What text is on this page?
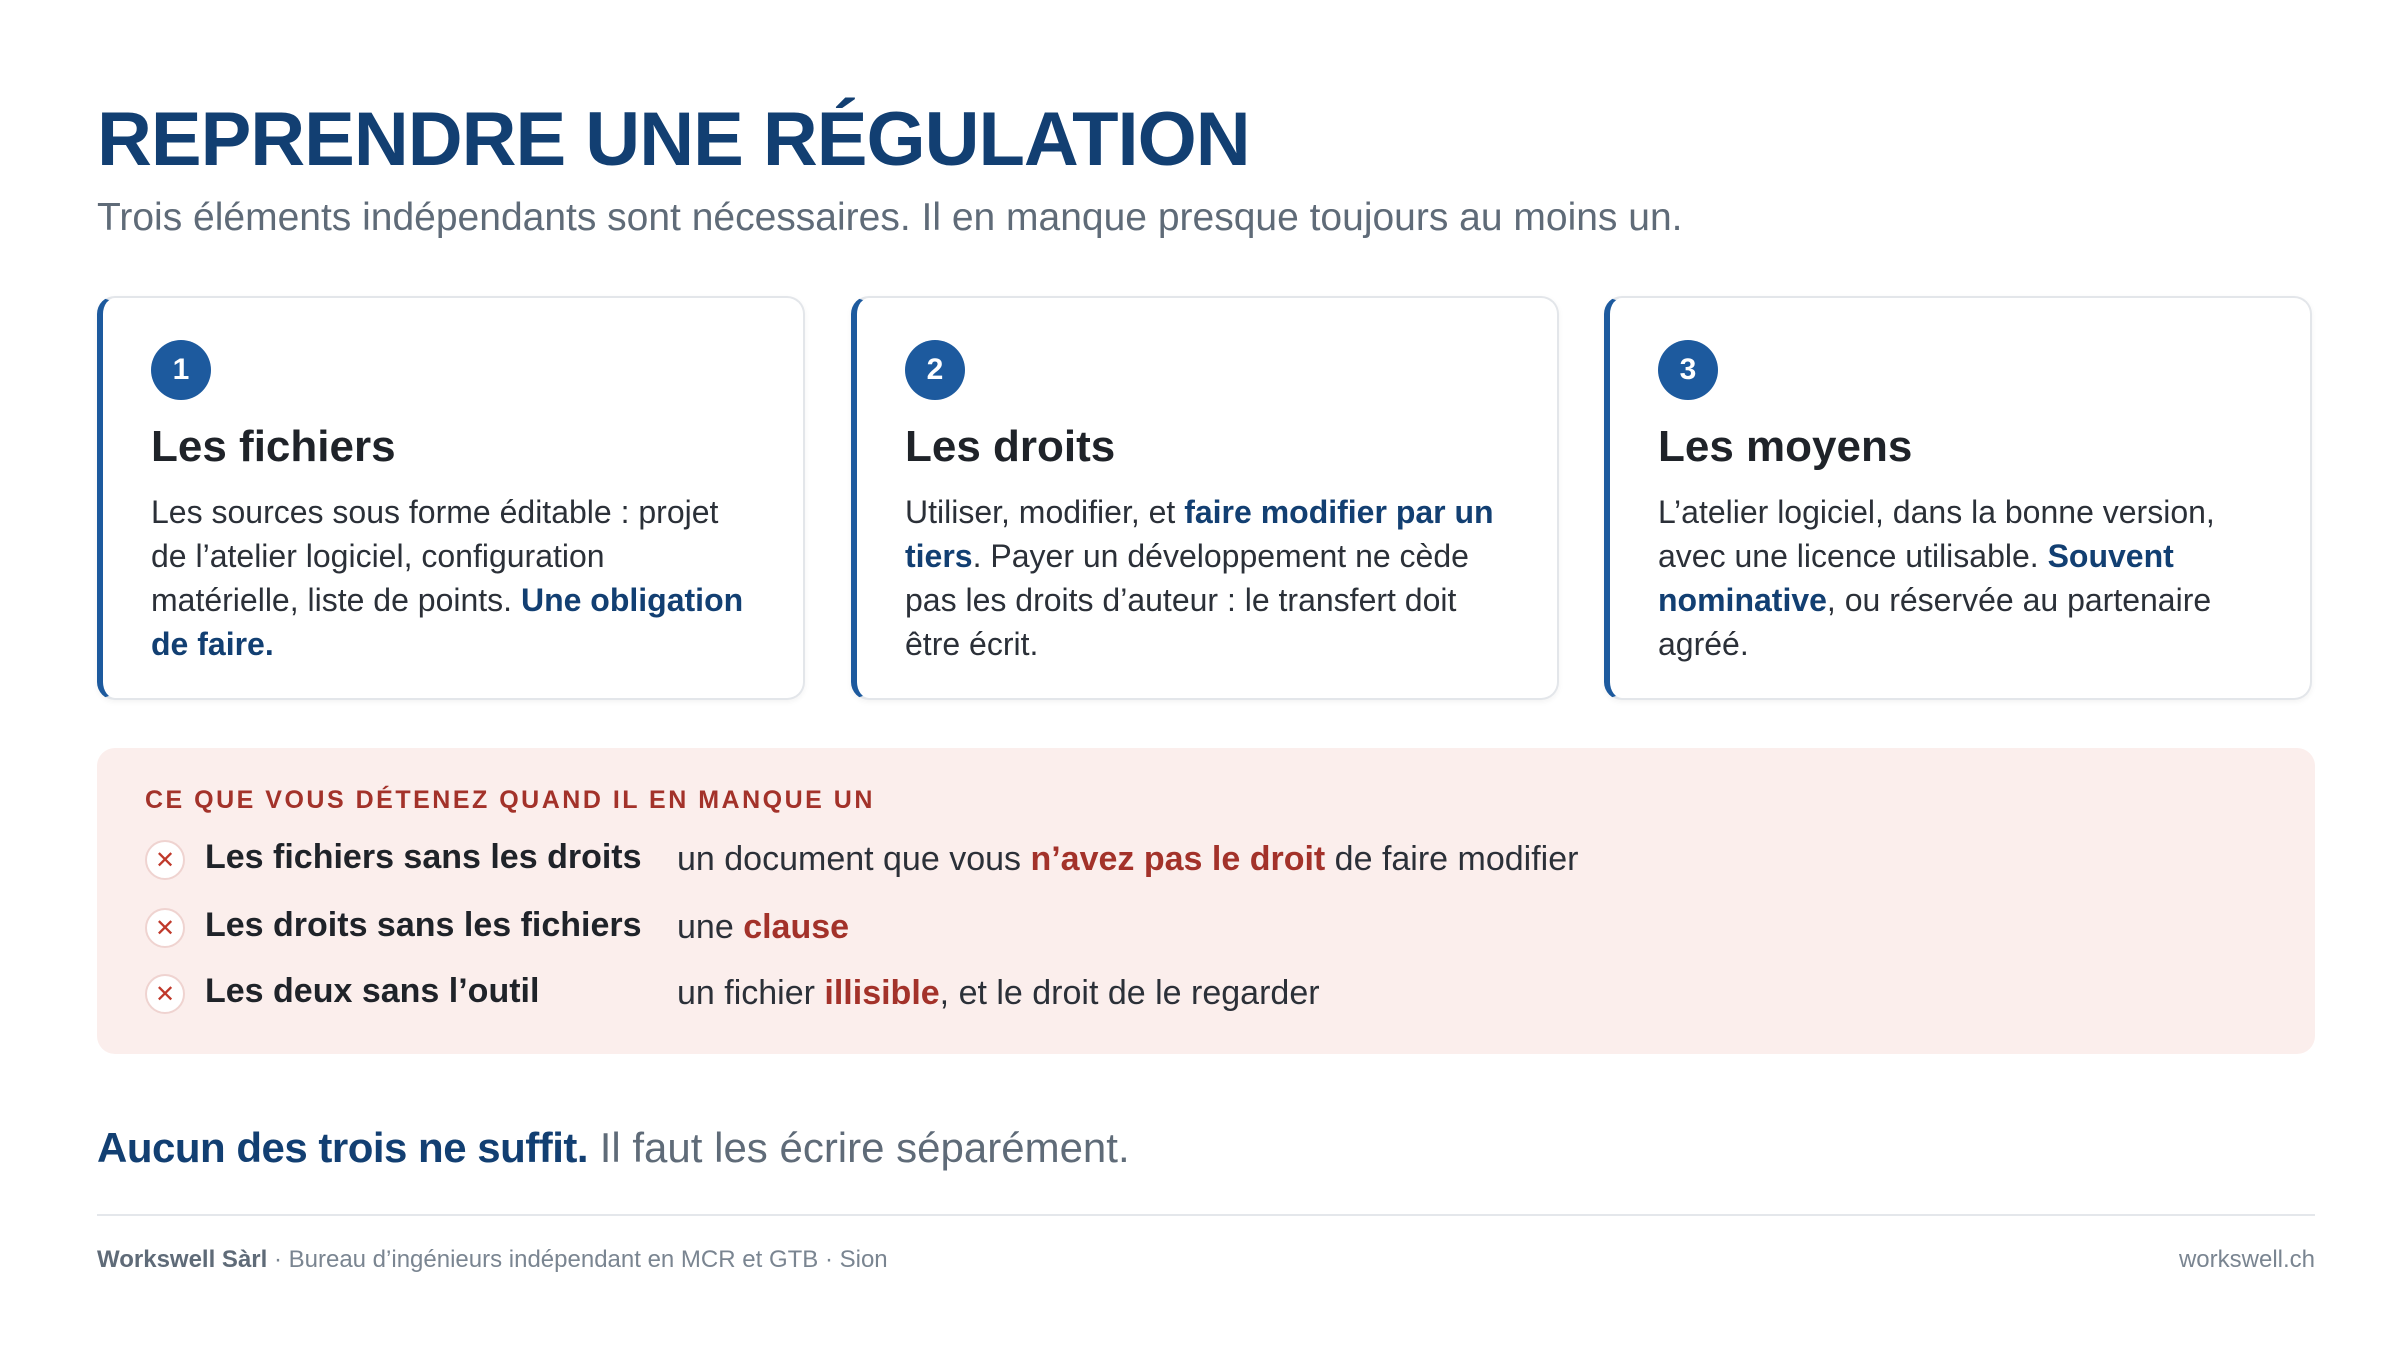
REPRENDRE UNE RÉGULATION

Trois éléments indépendants sont nécessaires. Il en manque presque toujours au moins un.

1
Les fichiers
Les sources sous forme éditable : projet de l’atelier logiciel, configuration matérielle, liste de points. Une obligation de faire.
2
Les droits
Utiliser, modifier, et faire modifier par un tiers. Payer un développement ne cède pas les droits d’auteur : le transfert doit être écrit.
3
Les moyens
L’atelier logiciel, dans la bonne version, avec une licence utilisable. Souvent nominative, ou réservée au partenaire agréé.
CE QUE VOUS DÉTENEZ QUAND IL EN MANQUE UN
✕ Les fichiers sans les droits un document que vous n’avez pas le droit de faire modifier
✕ Les droits sans les fichiers une clause
✕ Les deux sans l’outil	un fichier illisible, et le droit de le regarder
Aucun des trois ne suffit. Il faut les écrire séparément.
Workswell Sàrl · Bureau d’ingénieurs indépendant en MCR et GTB · Sion	workswell.ch
